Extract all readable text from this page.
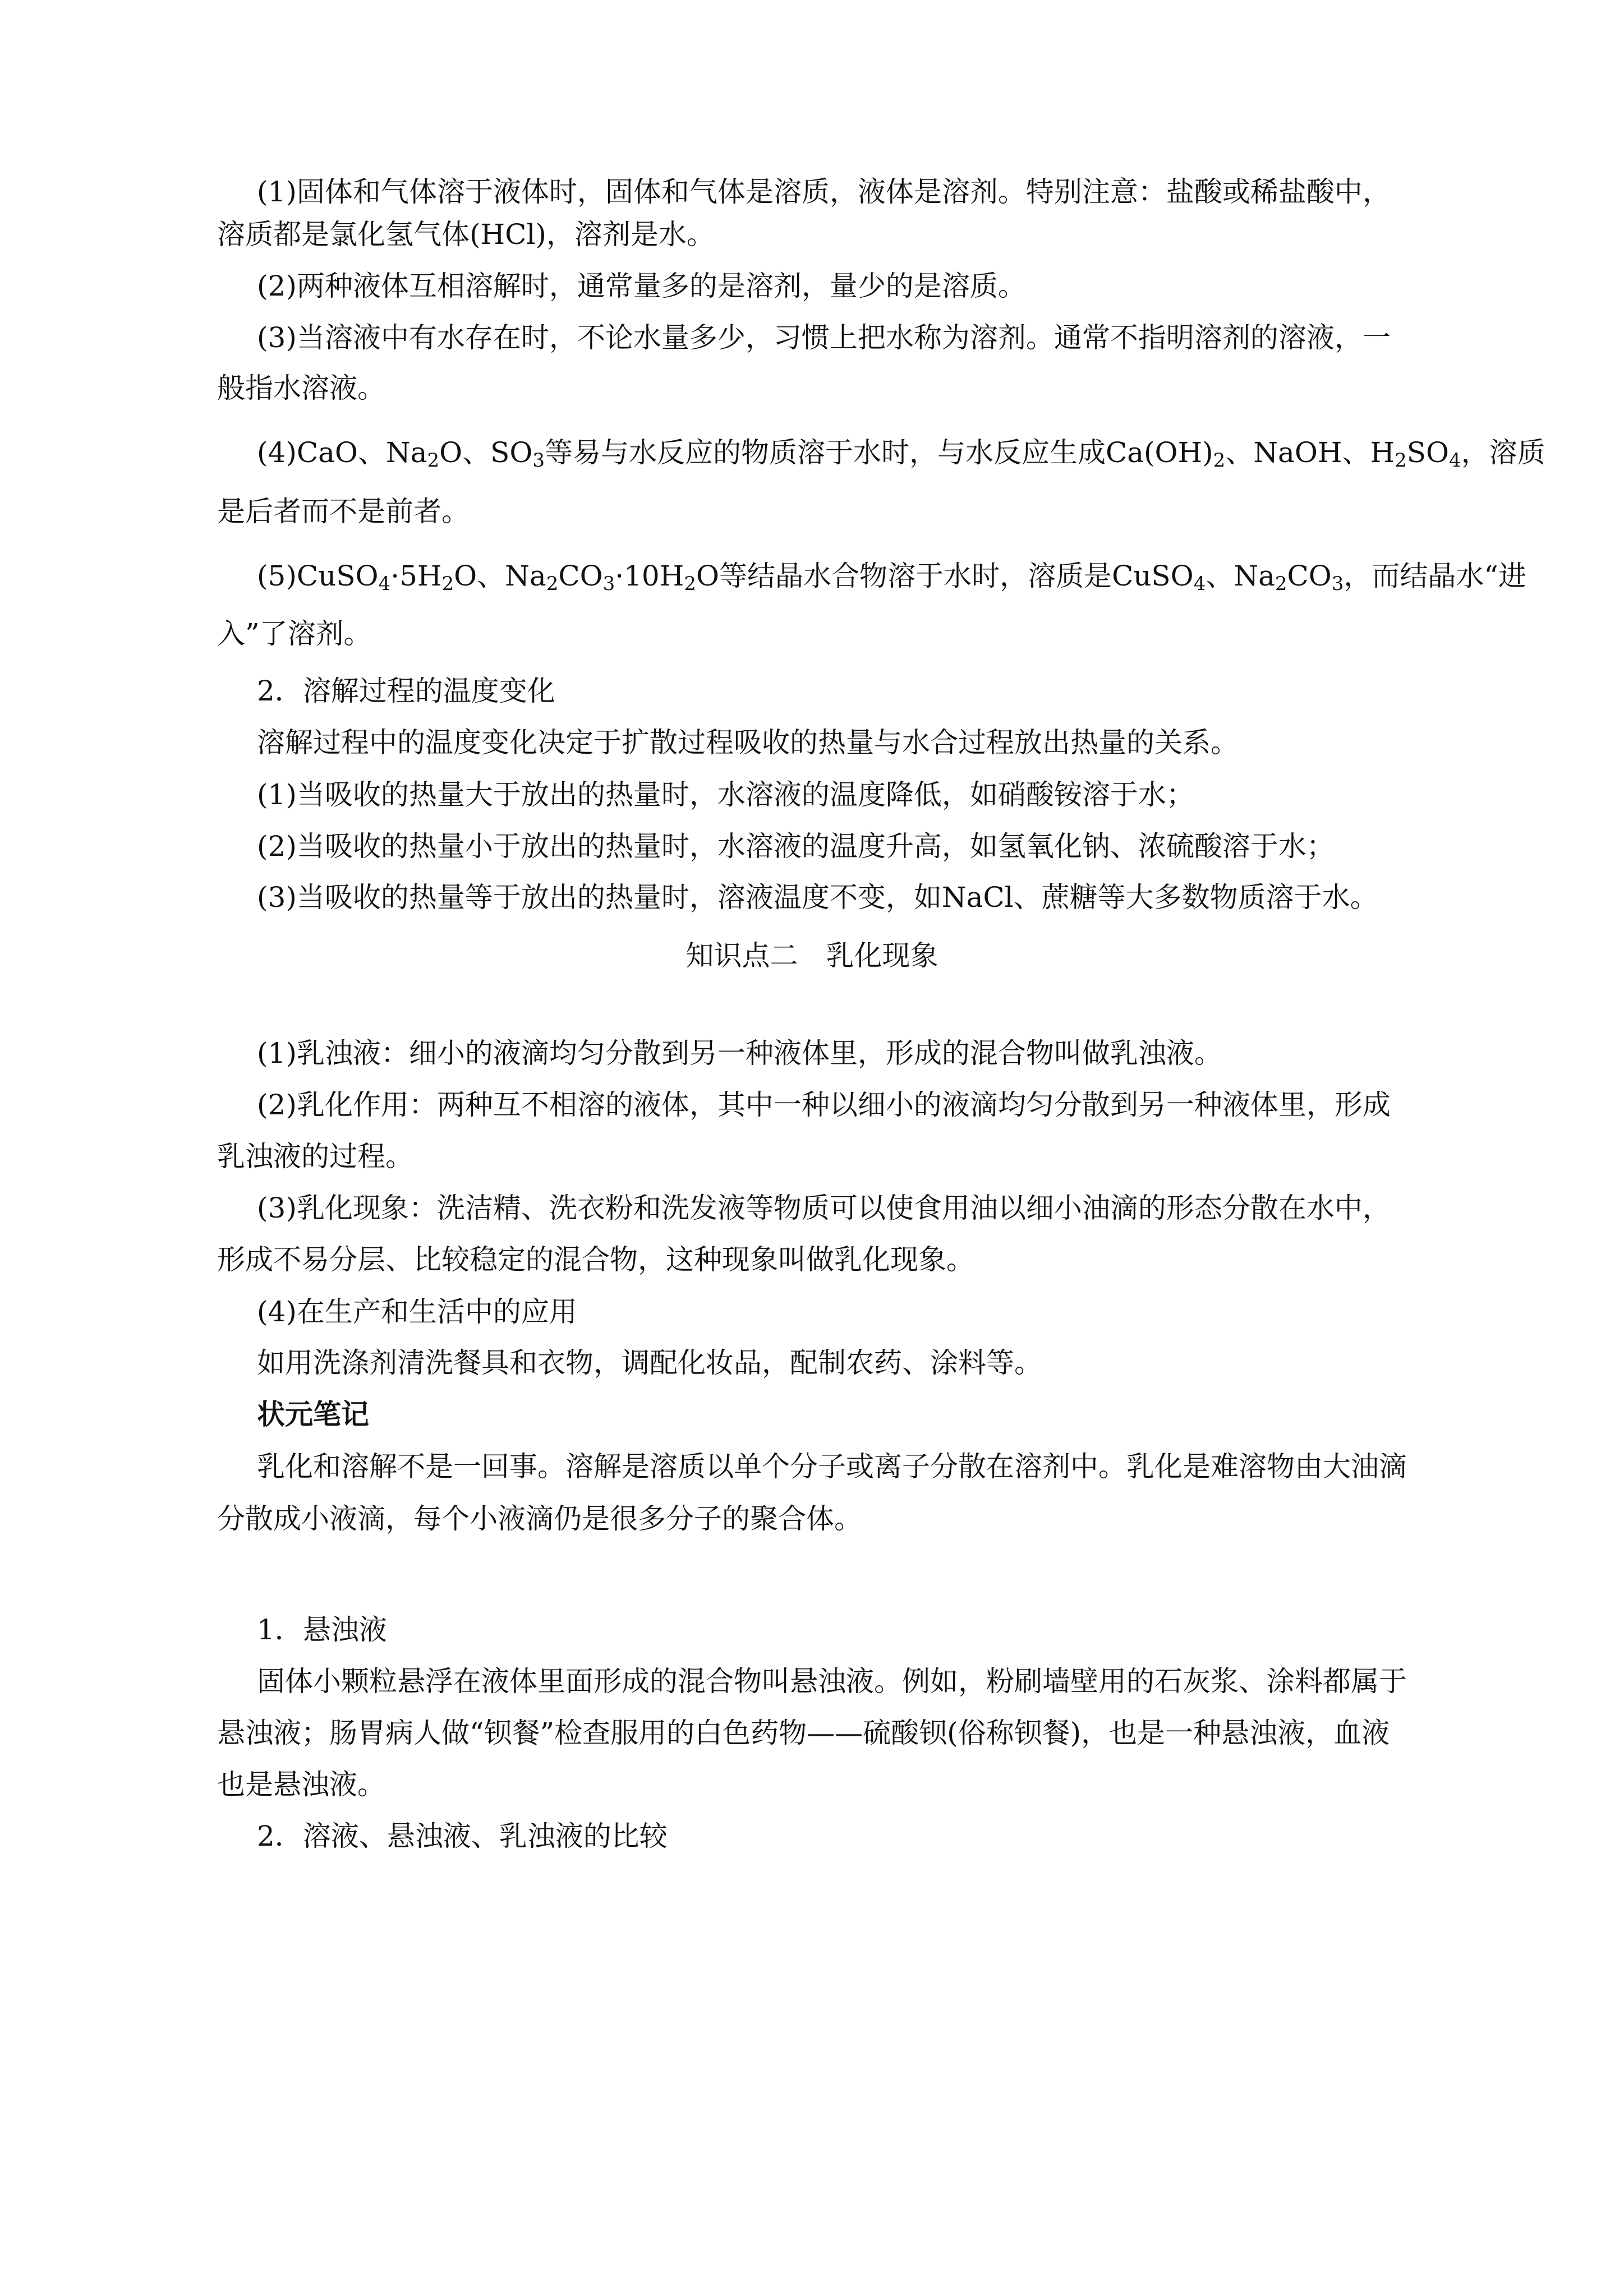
(1)固体和气体溶于液体时，固体和气体是溶质，液体是溶剂。特别注意：盐酸或稀盐酸中，
溶质都是氯化氢气体(HCl)，溶剂是水。
(2)两种液体互相溶解时，通常量多的是溶剂，量少的是溶质。
(3)当溶液中有水存在时，不论水量多少，习惯上把水称为溶剂。通常不指明溶剂的溶液，一
般指水溶液。
(4)CaO、$Na_2O$、$SO_3$等易与水反应的物质溶于水时，与水反应生成$Ca(OH)_2$、NaOH、$H_2SO_4$，溶质
是后者而不是前者。
$(5)CuSO_4\cdot 5H_2O$、$Na_2CO_3\cdot 10H_2O$等结晶水合物溶于水时，溶质是CuSO$_4$、$Na_2CO_3$，而结晶水“进
入”了溶剂。
2．溶解过程的温度变化
溶解过程中的温度变化决定于扩散过程吸收的热量与水合过程放出热量的关系。
(1)当吸收的热量大于放出的热量时，水溶液的温度降低，如硝酸铵溶于水；
(2)当吸收的热量小于放出的热量时，水溶液的温度升高，如氢氧化钠、浓硫酸溶于水；
(3)当吸收的热量等于放出的热量时，溶液温度不变，如NaCl、蔗糖等大多数物质溶于水。
知识点二　乳化现象
(1)乳浊液：细小的液滴均匀分散到另一种液体里，形成的混合物叫做乳浊液。
(2)乳化作用：两种互不相溶的液体，其中一种以细小的液滴均匀分散到另一种液体里，形成
乳浊液的过程。
(3)乳化现象：洗洁精、洗衣粉和洗发液等物质可以使食用油以细小油滴的形态分散在水中，
形成不易分层、比较稳定的混合物，这种现象叫做乳化现象。
(4)在生产和生活中的应用
如用洗涤剂清洗餐具和衣物，调配化妆品，配制农药、涂料等。
状元笔记
乳化和溶解不是一回事。溶解是溶质以单个分子或离子分散在溶剂中。乳化是难溶物由大油滴
分散成小液滴，每个小液滴仍是很多分子的聚合体。
1．悬浊液
固体小颗粒悬浮在液体里面形成的混合物叫悬浊液。例如，粉刷墙壁用的石灰浆、涂料都属于
悬浊液；肠胃病人做“钡餐”检查服用的白色药物——硫酸钡(俗称钡餐)，也是一种悬浊液，血液
也是悬浊液。
2．溶液、悬浊液、乳浊液的比较
